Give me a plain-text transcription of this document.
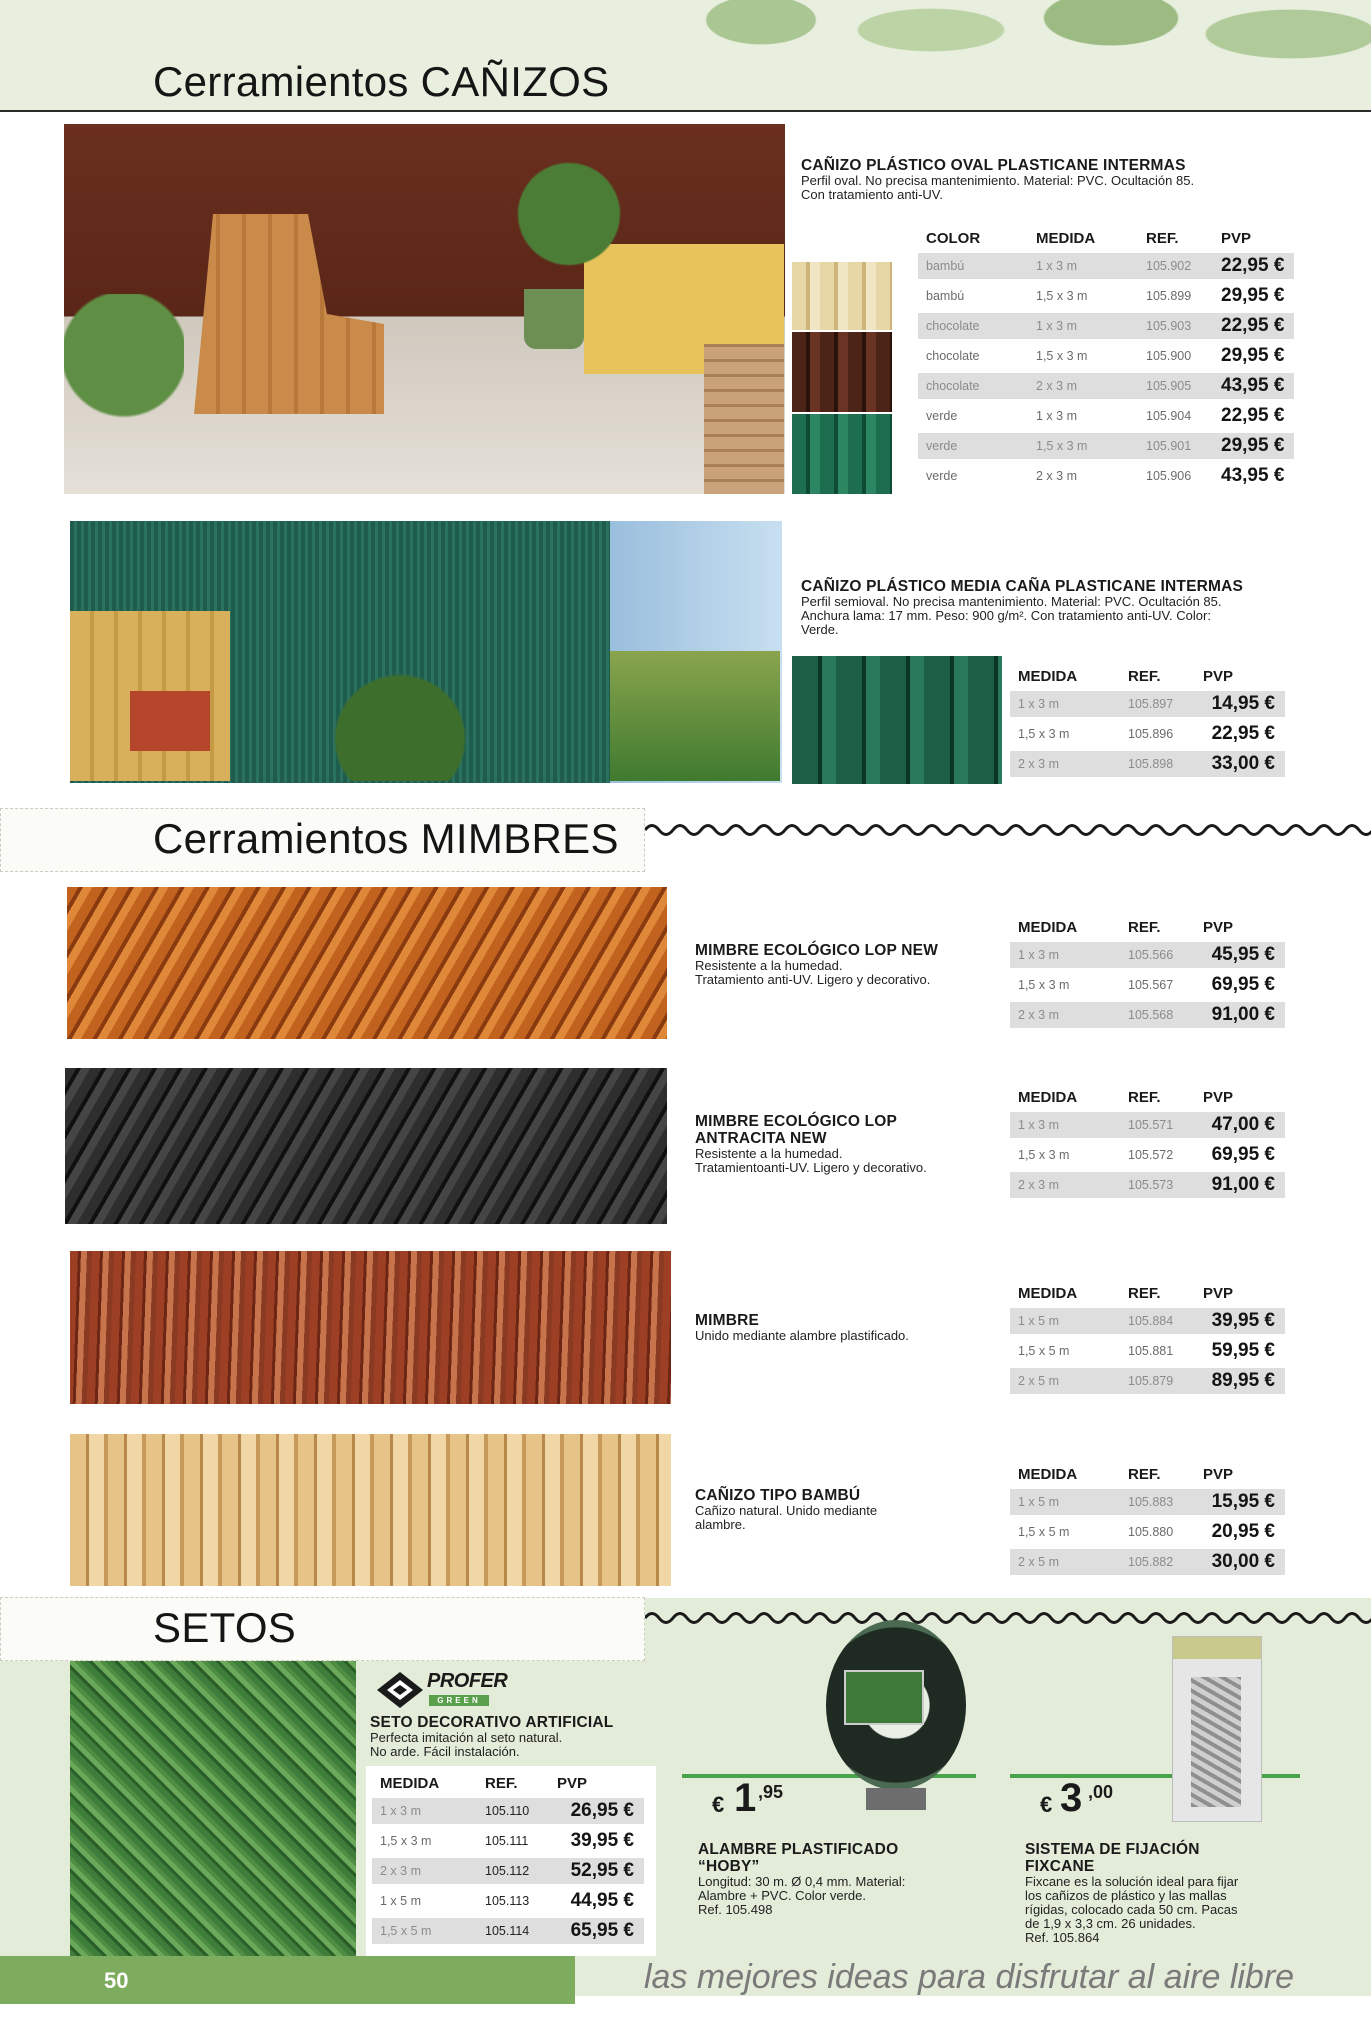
Cerramientos CAÑIZOS
CAÑIZO PLÁSTICO OVAL PLASTICANE INTERMAS
Perfil oval. No precisa mantenimiento. Material: PVC. Ocultación 85.
Con tratamiento anti-UV.
COLOR	MEDIDA	REF.	PVP
bambú	1 x 3 m	105.902	22,95 €
bambú	1,5 x 3 m	105.899	29,95 €
chocolate	1 x 3 m	105.903	22,95 €
chocolate	1,5 x 3 m	105.900	29,95 €
chocolate	2 x 3 m	105.905	43,95 €
verde	1 x 3 m	105.904	22,95 €
verde	1,5 x 3 m	105.901	29,95 €
verde	2 x 3 m	105.906	43,95 €
CAÑIZO PLÁSTICO MEDIA CAÑA PLASTICANE INTERMAS
Perfil semioval. No precisa mantenimiento. Material: PVC. Ocultación 85.
Anchura lama: 17 mm. Peso: 900 g/m². Con tratamiento anti-UV. Color:
Verde.
MEDIDA	REF.	PVP
1 x 3 m	105.897	14,95 €
1,5 x 3 m	105.896	22,95 €
2 x 3 m	105.898	33,00 €
Cerramientos MIMBRES
MIMBRE ECOLÓGICO LOP NEW
Resistente a la humedad.
Tratamiento anti-UV. Ligero y decorativo.
MEDIDA	REF.	PVP
1 x 3 m	105.566	45,95 €
1,5 x 3 m	105.567	69,95 €
2 x 3 m	105.568	91,00 €
MIMBRE ECOLÓGICO LOP
ANTRACITA NEW
Resistente a la humedad.
Tratamientoanti-UV. Ligero y decorativo.
MEDIDA	REF.	PVP
1 x 3 m	105.571	47,00 €
1,5 x 3 m	105.572	69,95 €
2 x 3 m	105.573	91,00 €
MIMBRE
Unido mediante alambre plastificado.
MEDIDA	REF.	PVP
1 x 5 m	105.884	39,95 €
1,5 x 5 m	105.881	59,95 €
2 x 5 m	105.879	89,95 €
CAÑIZO TIPO BAMBÚ
Cañizo natural. Unido mediante
alambre.
MEDIDA	REF.	PVP
1 x 5 m	105.883	15,95 €
1,5 x 5 m	105.880	20,95 €
2 x 5 m	105.882	30,00 €
SETOS
PROFER
GREEN
SETO DECORATIVO ARTIFICIAL
Perfecta imitación al seto natural.
No arde. Fácil instalación.
MEDIDA	REF.	PVP
1 x 3 m	105.110	26,95 €
1,5 x 3 m	105.111	39,95 €
2 x 3 m	105.112	52,95 €
1 x 5 m	105.113	44,95 €
1,5 x 5 m	105.114	65,95 €
€ 1 ,95
ALAMBRE PLASTIFICADO
“HOBY”
Longitud: 30 m. Ø 0,4 mm. Material:
Alambre + PVC. Color verde.
Ref. 105.498
€ 3 ,00
SISTEMA DE FIJACIÓN
FIXCANE
Fixcane es la solución ideal para fijar
los cañizos de plástico y las mallas
rígidas, colocado cada 50 cm. Pacas
de 1,9 x 3,3 cm. 26 unidades.
Ref. 105.864
50	las mejores ideas para disfrutar al aire libre
